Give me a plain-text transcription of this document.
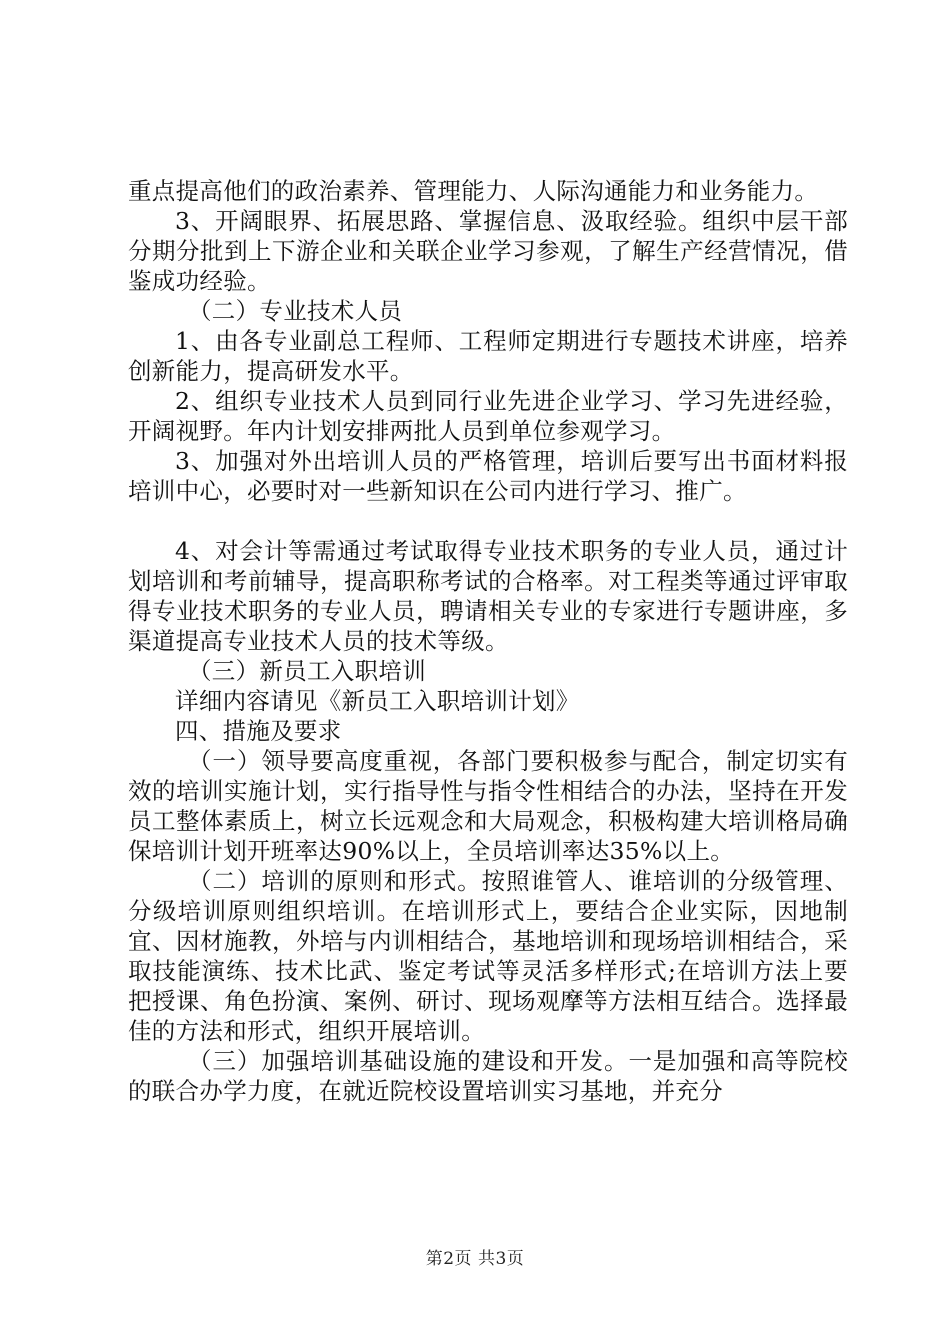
重点提高他们的政治素养、管理能力、人际沟通能力和业务能力。

3、开阔眼界、拓展思路、掌握信息、汲取经验。组织中层干部分期分批到上下游企业和关联企业学习参观，了解生产经营情况，借鉴成功经验。

（二）专业技术人员

1、由各专业副总工程师、工程师定期进行专题技术讲座，培养创新能力，提高研发水平。

2、组织专业技术人员到同行业先进企业学习、学习先进经验，开阔视野。年内计划安排两批人员到单位参观学习。

3、加强对外出培训人员的严格管理，培训后要写出书面材料报培训中心，必要时对一些新知识在公司内进行学习、推广。

4、对会计等需通过考试取得专业技术职务的专业人员，通过计划培训和考前辅导，提高职称考试的合格率。对工程类等通过评审取得专业技术职务的专业人员，聘请相关专业的专家进行专题讲座，多渠道提高专业技术人员的技术等级。

（三）新员工入职培训

详细内容请见《新员工入职培训计划》

四、措施及要求

（一）领导要高度重视，各部门要积极参与配合，制定切实有效的培训实施计划，实行指导性与指令性相结合的办法，坚持在开发员工整体素质上，树立长远观念和大局观念，积极构建大培训格局确保培训计划开班率达90%以上，全员培训率达35%以上。

（二）培训的原则和形式。按照谁管人、谁培训的分级管理、分级培训原则组织培训。在培训形式上，要结合企业实际，因地制宜、因材施教，外培与内训相结合，基地培训和现场培训相结合，采取技能演练、技术比武、鉴定考试等灵活多样形式;在培训方法上要把授课、角色扮演、案例、研讨、现场观摩等方法相互结合。选择最佳的方法和形式，组织开展培训。

（三）加强培训基础设施的建设和开发。一是加强和高等院校的联合办学力度，在就近院校设置培训实习基地，并充分

第2页 共3页
